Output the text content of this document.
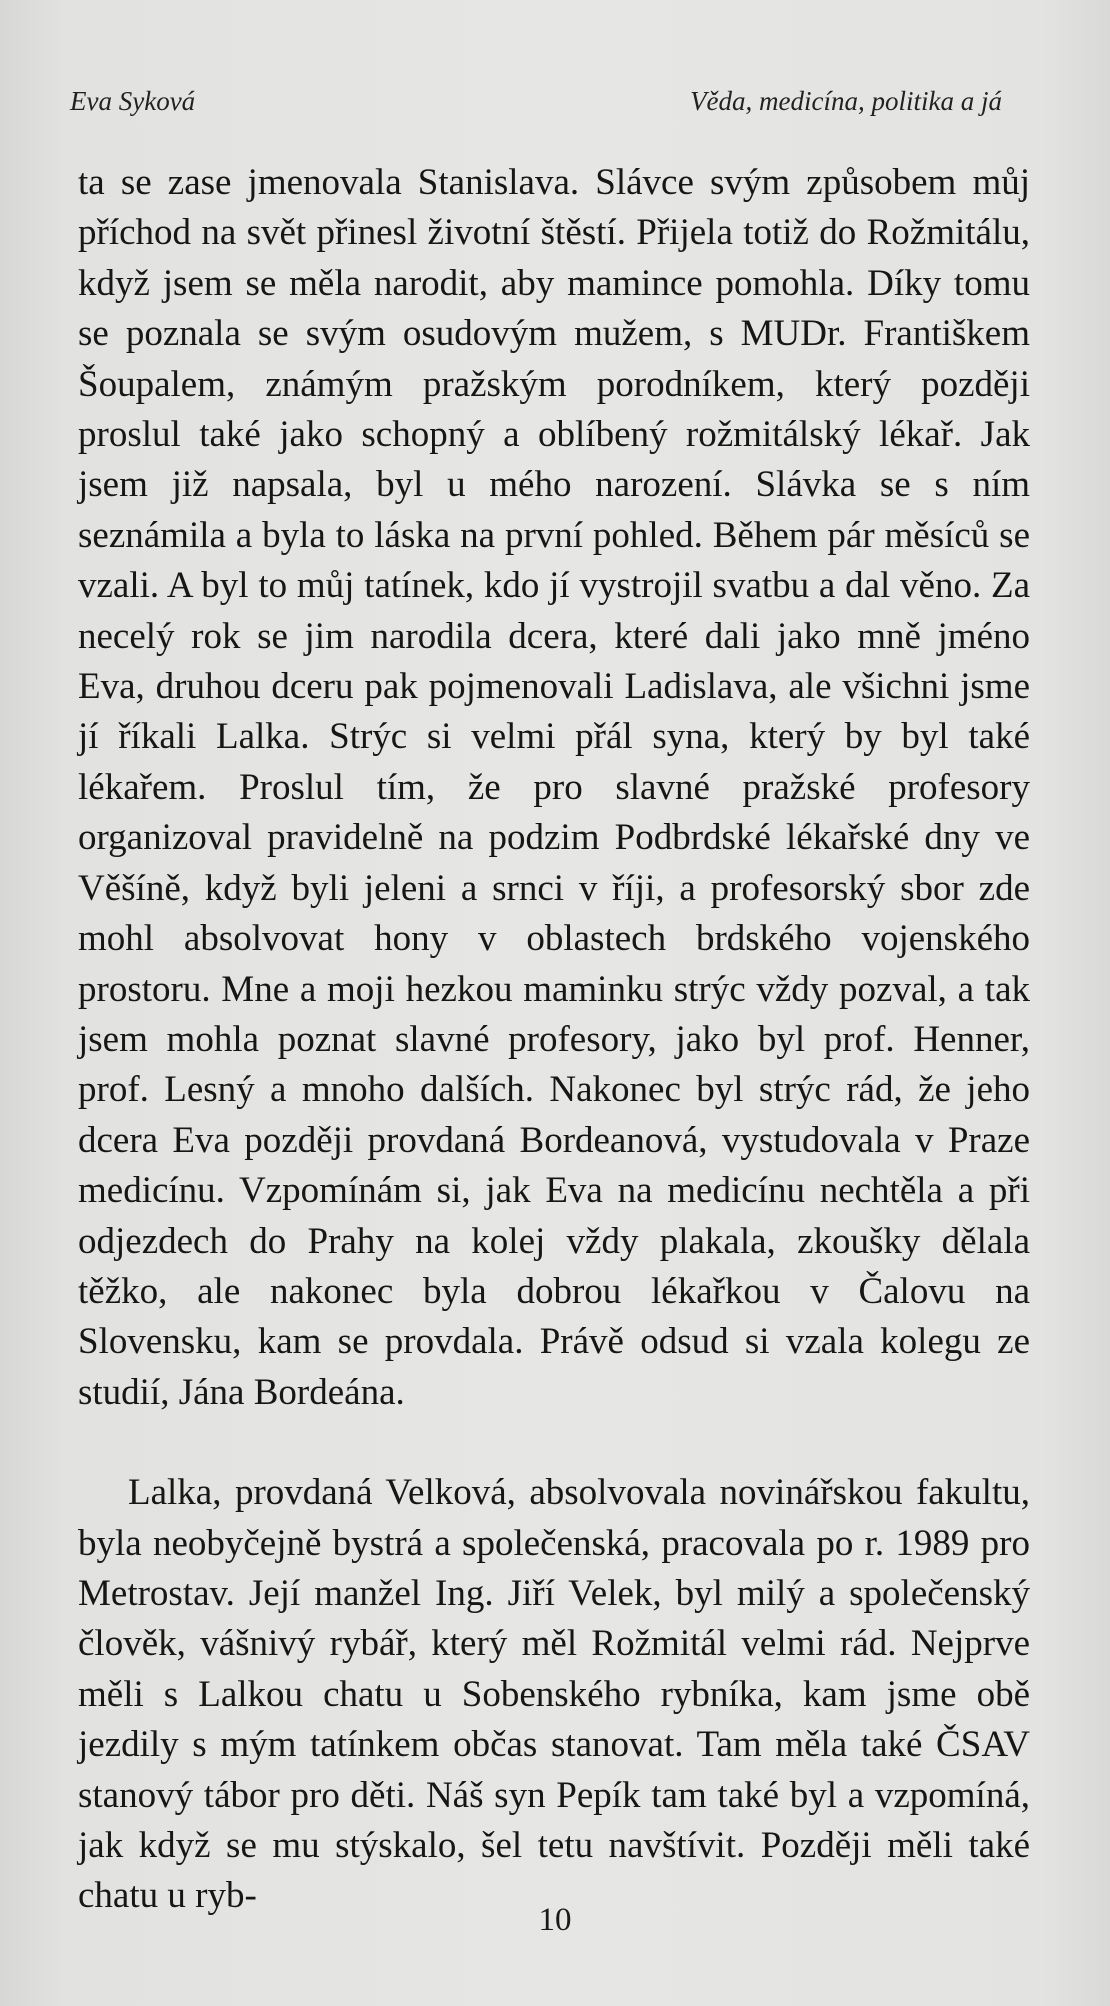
Eva Syková	Věda, medicína, politika a já

ta se zase jmenovala Stanislava. Slávce svým způsobem můj příchod na svět přinesl životní štěstí. Přijela totiž do Rožmitálu, když jsem se měla narodit, aby mamince pomohla. Díky tomu se poznala se svým osudovým mužem, s MUDr. Františkem Šoupalem, známým pražským porodníkem, který později proslul také jako schopný a oblíbený rožmitálský lékař. Jak jsem již napsala, byl u mého narození. Slávka se s ním seznámila a byla to láska na první pohled. Během pár měsíců se vzali. A byl to můj tatínek, kdo jí vystrojil svatbu a dal věno. Za necelý rok se jim narodila dcera, které dali jako mně jméno Eva, druhou dceru pak pojmenovali Ladislava, ale všichni jsme jí říkali Lalka. Strýc si velmi přál syna, který by byl také lékařem. Proslul tím, že pro slavné pražské profesory organizoval pravidelně na podzim Podbrdské lékařské dny ve Věšíně, když byli jeleni a srnci v říji, a profesorský sbor zde mohl absolvovat hony v oblastech brdského vojenského prostoru. Mne a moji hezkou maminku strýc vždy pozval, a tak jsem mohla poznat slavné profesory, jako byl prof. Henner, prof. Lesný a mnoho dalších. Nakonec byl strýc rád, že jeho dcera Eva později provdaná Bordeanová, vystudovala v Praze medicínu. Vzpomínám si, jak Eva na medicínu nechtěla a při odjezdech do Prahy na kolej vždy plakala, zkoušky dělala těžko, ale nakonec byla dobrou lékařkou v Čalovu na Slovensku, kam se provdala. Právě odsud si vzala kolegu ze studií, Jána Bordeána.

Lalka, provdaná Velková, absolvovala novinářskou fakultu, byla neobyčejně bystrá a společenská, pracovala po r. 1989 pro Metrostav. Její manžel Ing. Jiří Velek, byl milý a společenský člověk, vášnivý rybář, který měl Rožmitál velmi rád. Nejprve měli s Lalkou chatu u Sobenského rybníka, kam jsme obě jezdily s mým tatínkem občas stanovat. Tam měla také ČSAV stanový tábor pro děti. Náš syn Pepík tam také byl a vzpomíná, jak když se mu stýskalo, šel tetu navštívit. Později měli také chatu u ryb-

10
